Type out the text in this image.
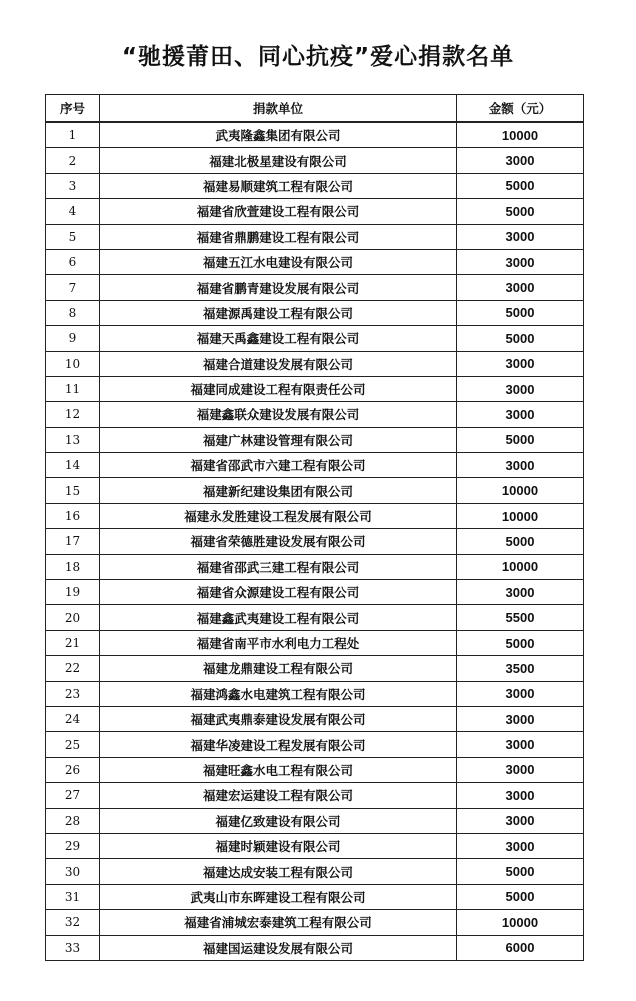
“驰援莆田、同心抗疫”爱心捐款名单
序号	捐款单位	金额（元）
1	武夷隆鑫集团有限公司	10000
2	福建北极星建设有限公司	3000
3	福建易顺建筑工程有限公司	5000
4	福建省欣萱建设工程有限公司	5000
5	福建省鼎鹏建设工程有限公司	3000
6	福建五江水电建设有限公司	3000
7	福建省鹏青建设发展有限公司	3000
8	福建源禹建设工程有限公司	5000
9	福建天禹鑫建设工程有限公司	5000
10	福建合道建设发展有限公司	3000
11	福建同成建设工程有限责任公司	3000
12	福建鑫联众建设发展有限公司	3000
13	福建广林建设管理有限公司	5000
14	福建省邵武市六建工程有限公司	3000
15	福建新纪建设集团有限公司	10000
16	福建永发胜建设工程发展有限公司	10000
17	福建省荣德胜建设发展有限公司	5000
18	福建省邵武三建工程有限公司	10000
19	福建省众源建设工程有限公司	3000
20	福建鑫武夷建设工程有限公司	5500
21	福建省南平市水利电力工程处	5000
22	福建龙鼎建设工程有限公司	3500
23	福建鸿鑫水电建筑工程有限公司	3000
24	福建武夷鼎泰建设发展有限公司	3000
25	福建华凌建设工程发展有限公司	3000
26	福建旺鑫水电工程有限公司	3000
27	福建宏运建设工程有限公司	3000
28	福建亿致建设有限公司	3000
29	福建时颖建设有限公司	3000
30	福建达成安装工程有限公司	5000
31	武夷山市东晖建设工程有限公司	5000
32	福建省浦城宏泰建筑工程有限公司	10000
33	福建国运建设发展有限公司	6000
